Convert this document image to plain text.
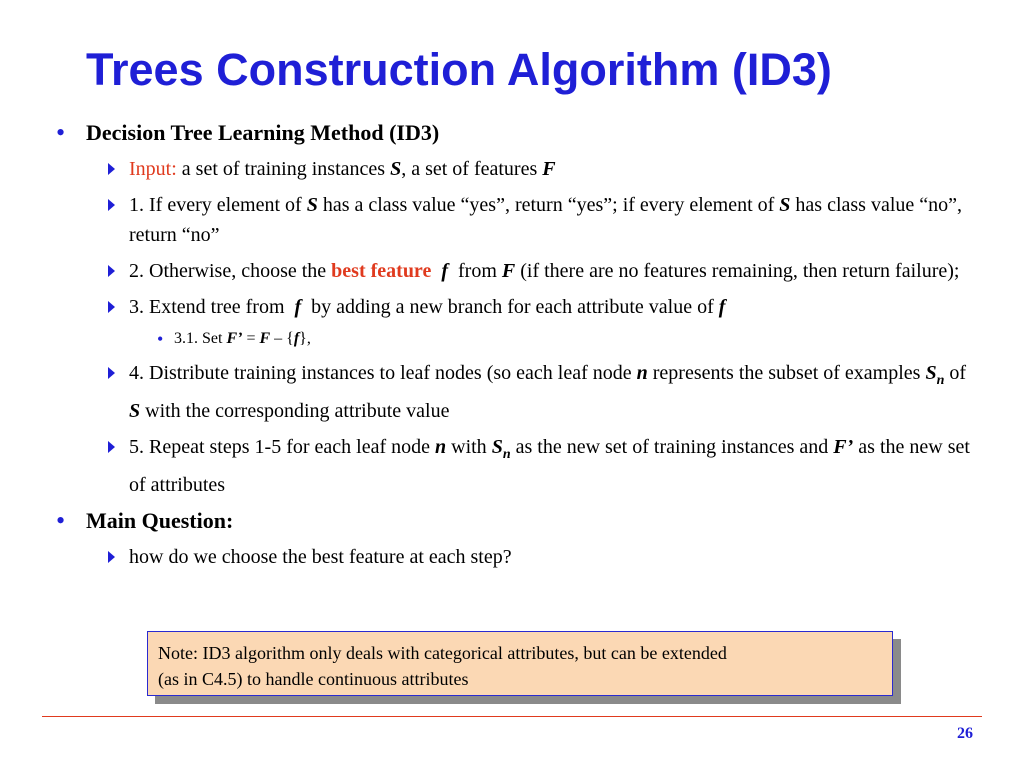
Trees Construction Algorithm (ID3)
• Decision Tree Learning Method (ID3)
Input: a set of training instances S, a set of features F
1. If every element of S has a class value “yes”, return “yes”; if every element of S has class value “no”, return “no”
2. Otherwise, choose the best feature f  from F (if there are no features remaining, then return failure);
3. Extend tree from  f  by adding a new branch for each attribute value of f
• 3.1. Set F’ = F – {f},
4. Distribute training instances to leaf nodes (so each leaf node n represents the subset of examples $S_n$ of S with the corresponding attribute value
5. Repeat steps 1-5 for each leaf node n with $S_n$ as the new set of training instances and F’ as the new set of attributes
• Main Question:
how do we choose the best feature at each step?
Note: ID3 algorithm only deals with categorical attributes, but can be extended
(as in C4.5) to handle continuous attributes
26
